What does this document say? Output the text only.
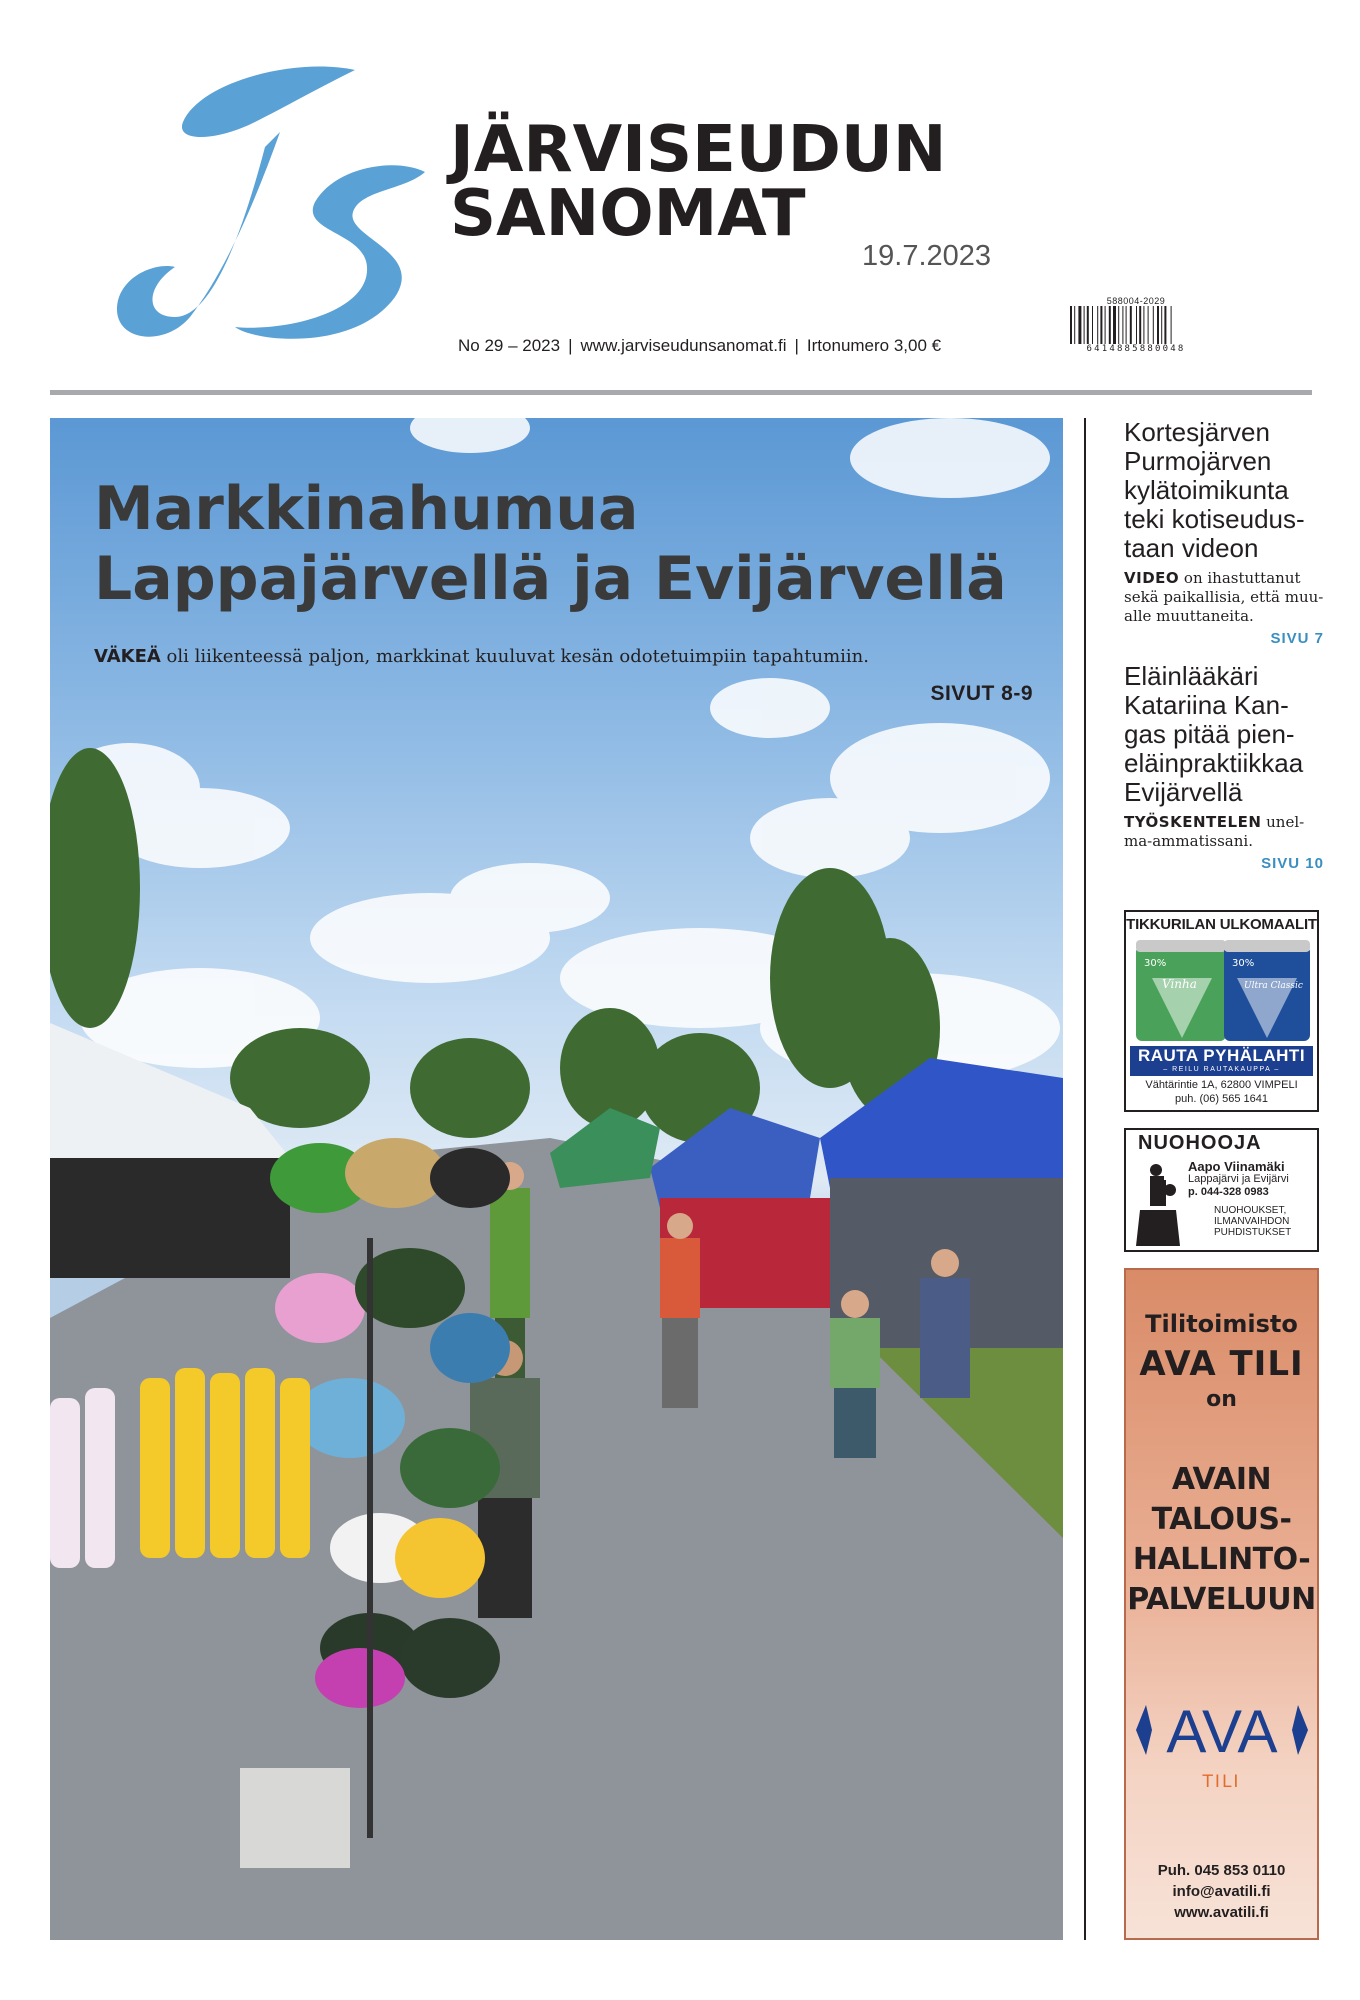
JÄRVISEUDUN
SANOMAT
19.7.2023
No 29 – 2023 | www.jarviseudunsanomat.fi | Irtonumero 3,00 €
588004-2029
6414885880048
Markkinahumua
Lappajärvellä ja Evijärvellä
VÄKEÄ oli liikenteessä paljon, markkinat kuuluvat kesän odotetuimpiin tapahtumiin.
SIVUT 8-9
Kortesjärven Purmojärven kylätoimikunta teki kotiseudus-taan videon
VIDEO on ihastuttanut sekä paikallisia, että muu-alle muuttaneita.
SIVU 7
Eläinlääkäri Katariina Kan-gas pitää pien-eläinpraktiikkaa Evijärvellä
TYÖSKENTELEN unel-ma-ammatissani.
SIVU 10
TIKKURILAN ULKOMAALIT
30%
Vinha
30%
Ultra Classic
RAUTA PYHÄLAHTI
– REILU RAUTAKAUPPA –
Vähtärintie 1A, 62800 VIMPELI
puh. (06) 565 1641
NUOHOOJA
Aapo Viinamäki
Lappajärvi ja Evijärvi
p. 044-328 0983
NUOHOUKSET, ILMANVAIHDON PUHDISTUKSET
Tilitoimisto
AVA TILI
on
AVAIN
TALOUS-
HALLINTO-
PALVELUUN
AVA
TILI
Puh. 045 853 0110
info@avatili.fi
www.avatili.fi
